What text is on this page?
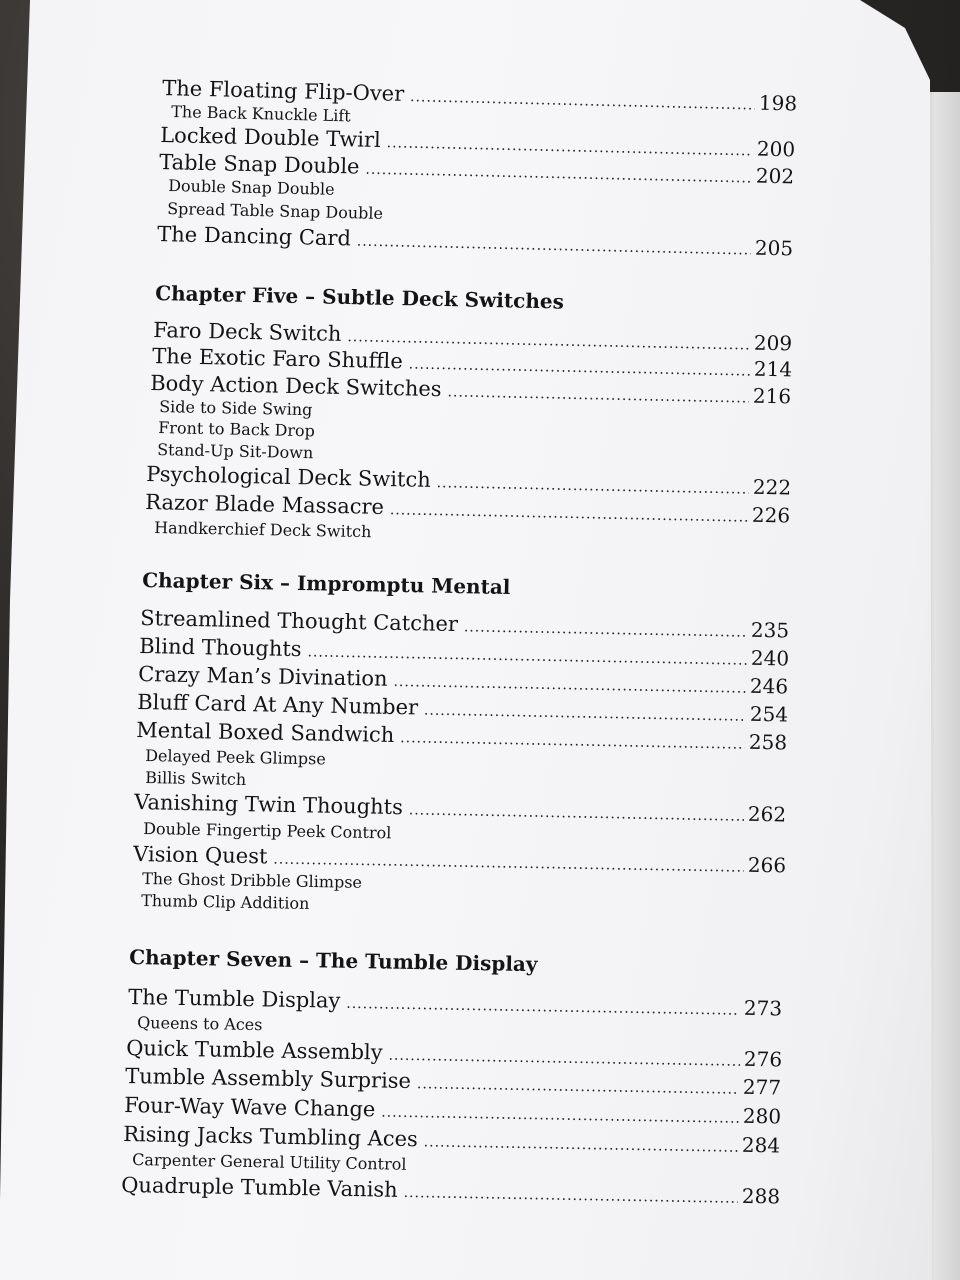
The Floating Flip-Over .....	198
The Back Knuckle Lift
Locked Double Twirl .....	200
Table Snap Double .....	202
Double Snap Double
Spread Table Snap Double
The Dancing Card .....	205
Chapter Five – Subtle Deck Switches
Faro Deck Switch .....	209
The Exotic Faro Shuffle .....	214
Body Action Deck Switches .....	216
Side to Side Swing
Front to Back Drop
Stand-Up Sit-Down
Psychological Deck Switch .....	222
Razor Blade Massacre .....	226
Handkerchief Deck Switch
Chapter Six – Impromptu Mental
Streamlined Thought Catcher .....	235
Blind Thoughts .....	240
Crazy Man’s Divination .....	246
Bluff Card At Any Number .....	254
Mental Boxed Sandwich .....	258
Delayed Peek Glimpse
Billis Switch
Vanishing Twin Thoughts .....	262
Double Fingertip Peek Control
Vision Quest .....	266
The Ghost Dribble Glimpse
Thumb Clip Addition
Chapter Seven – The Tumble Display
The Tumble Display .....	273
Queens to Aces
Quick Tumble Assembly .....	276
Tumble Assembly Surprise .....	277
Four-Way Wave Change .....	280
Rising Jacks Tumbling Aces .....	284
Carpenter General Utility Control
Quadruple Tumble Vanish .....	288
